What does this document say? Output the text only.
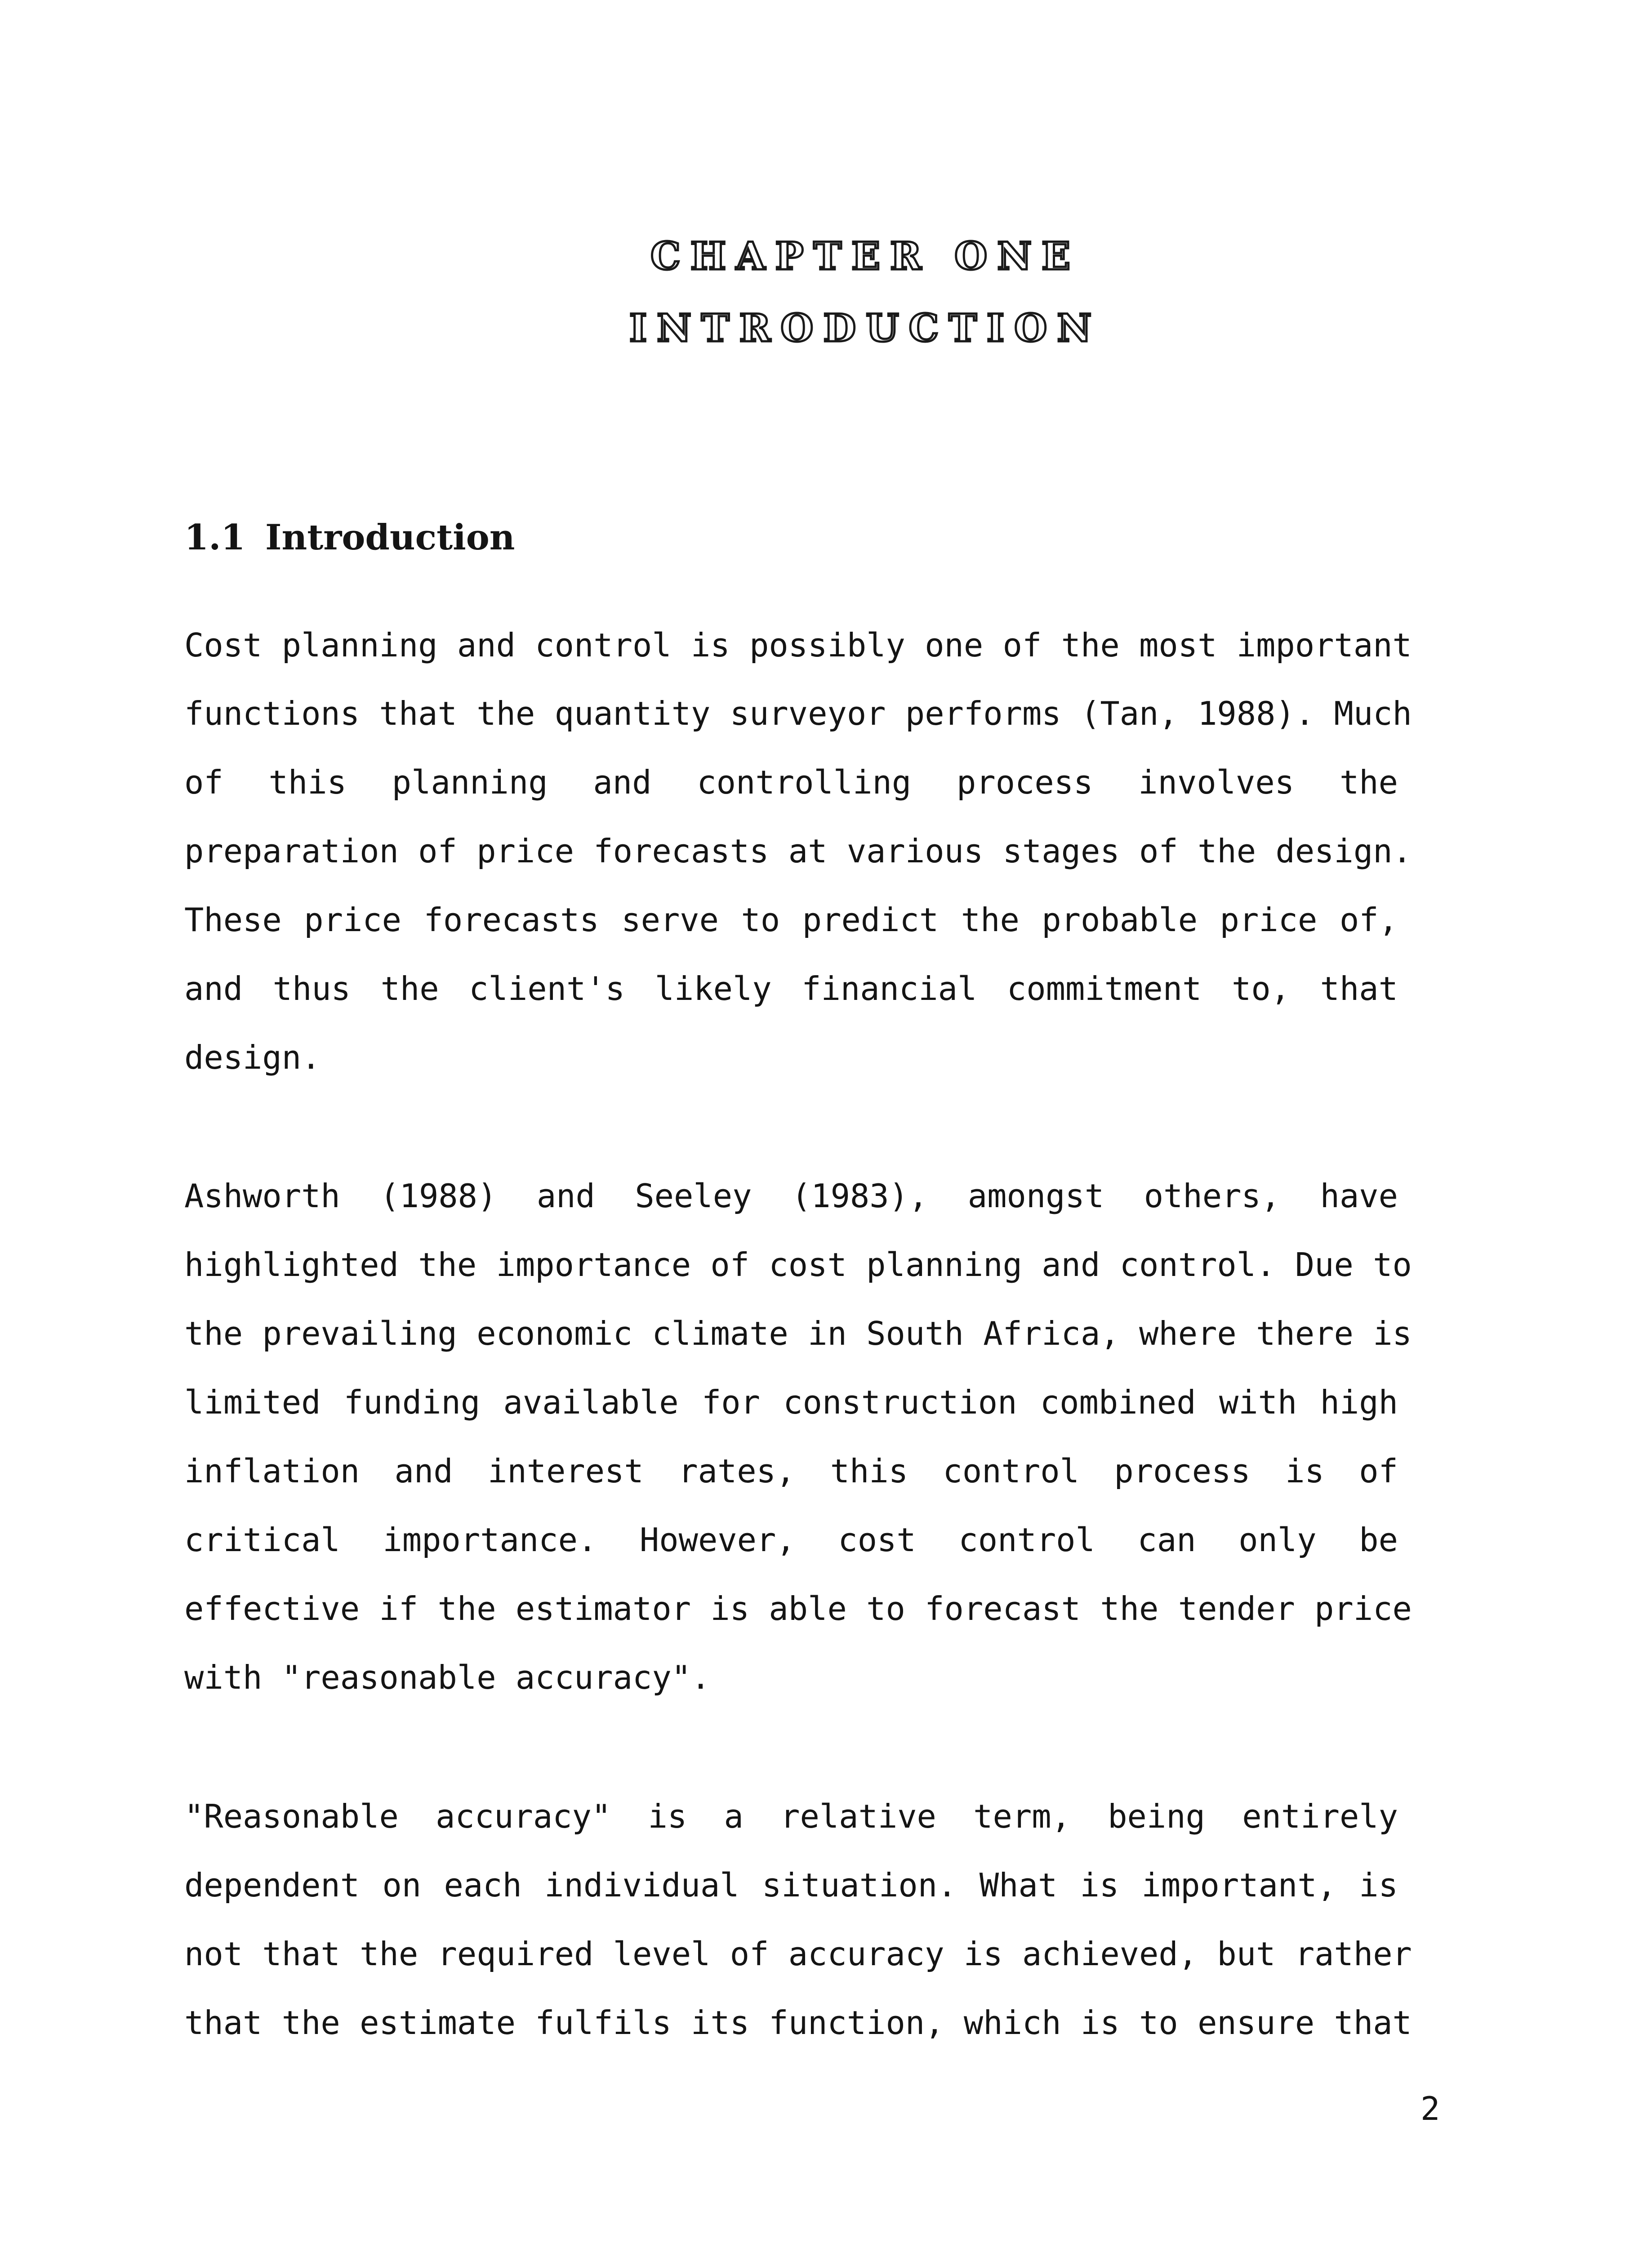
CHAPTER ONE
INTRODUCTION
1.1 Introduction
Cost planning and control is possibly one of the most important
functions that the quantity surveyor performs (Tan, 1988). Much
of this planning and controlling process involves the
preparation of price forecasts at various stages of the design.
These price forecasts serve to predict the probable price of,
and thus the client's likely financial commitment to, that
design.
Ashworth (1988) and Seeley (1983), amongst others, have
highlighted the importance of cost planning and control. Due to
the prevailing economic climate in South Africa, where there is
limited funding available for construction combined with high
inflation and interest rates, this control process is of
critical importance. However, cost control can only be
effective if the estimator is able to forecast the tender price
with "reasonable accuracy".
"Reasonable accuracy" is a relative term, being entirely
dependent on each individual situation. What is important, is
not that the required level of accuracy is achieved, but rather
that the estimate fulfils its function, which is to ensure that
2
